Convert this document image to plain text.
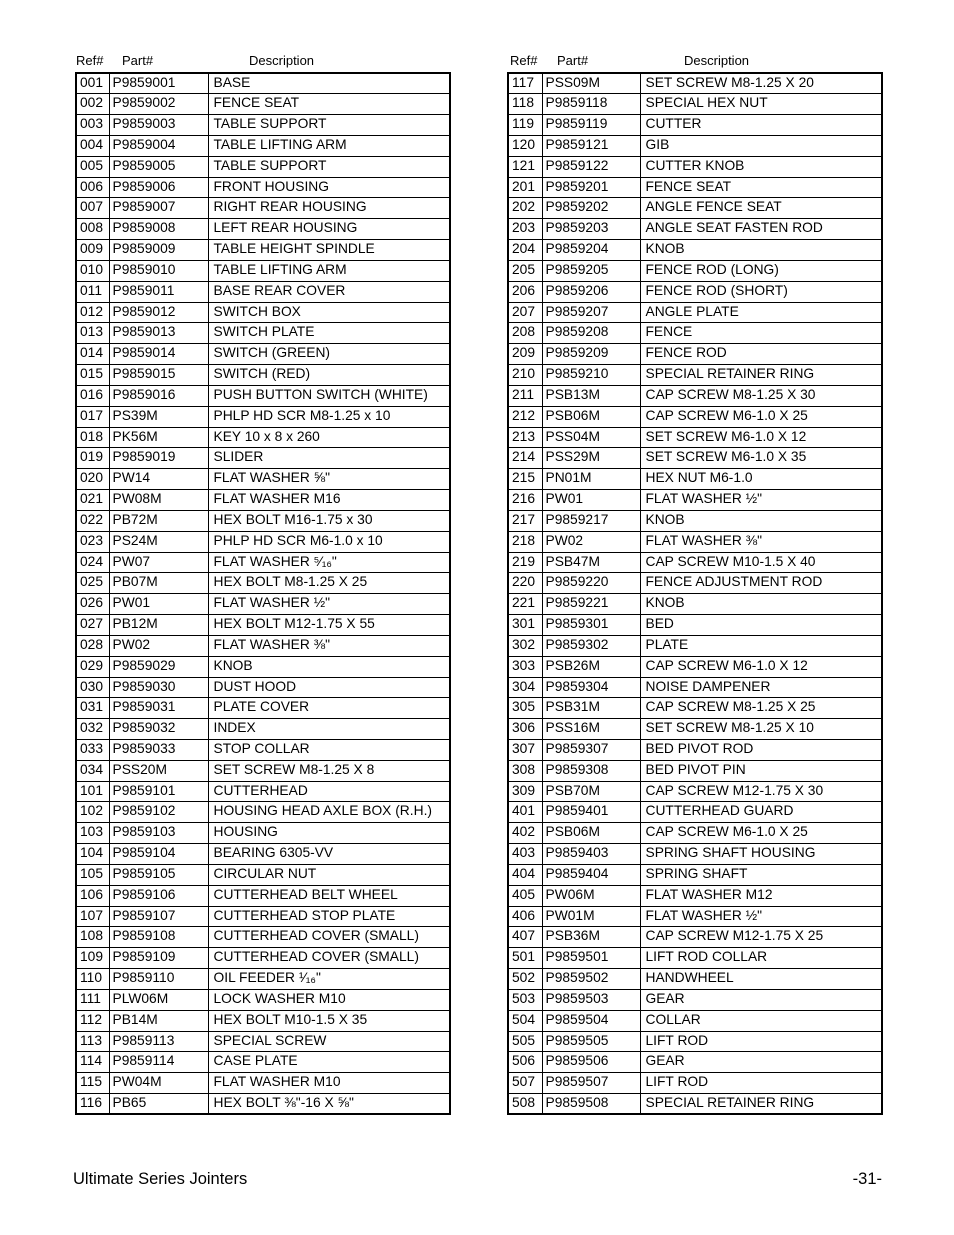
Ref# Part#	Description
001	P9859001	BASE
002	P9859002	FENCE SEAT
003	P9859003	TABLE SUPPORT
004	P9859004	TABLE LIFTING ARM
005	P9859005	TABLE SUPPORT
006	P9859006	FRONT HOUSING
007	P9859007	RIGHT REAR HOUSING
008	P9859008	LEFT REAR HOUSING
009	P9859009	TABLE HEIGHT SPINDLE
010	P9859010	TABLE LIFTING ARM
011	P9859011	BASE REAR COVER
012	P9859012	SWITCH BOX
013	P9859013	SWITCH PLATE
014	P9859014	SWITCH (GREEN)
015	P9859015	SWITCH (RED)
016	P9859016	PUSH BUTTON SWITCH (WHITE)
017	PS39M	PHLP HD SCR M8-1.25 x 10
018	PK56M	KEY 10 x 8 x 260
019	P9859019	SLIDER
020	PW14	FLAT WASHER ⅝"
021	PW08M	FLAT WASHER M16
022	PB72M	HEX BOLT M16-1.75 x 30
023	PS24M	PHLP HD SCR M6-1.0 x 10
024	PW07	FLAT WASHER ⁵⁄₁₆"
025	PB07M	HEX BOLT M8-1.25 X 25
026	PW01	FLAT WASHER ½"
027	PB12M	HEX BOLT M12-1.75 X 55
028	PW02	FLAT WASHER ⅜"
029	P9859029	KNOB
030	P9859030	DUST HOOD
031	P9859031	PLATE COVER
032	P9859032	INDEX
033	P9859033	STOP COLLAR
034	PSS20M	SET SCREW M8-1.25 X 8
101	P9859101	CUTTERHEAD
102	P9859102	HOUSING HEAD AXLE BOX (R.H.)
103	P9859103	HOUSING
104	P9859104	BEARING 6305-VV
105	P9859105	CIRCULAR NUT
106	P9859106	CUTTERHEAD BELT WHEEL
107	P9859107	CUTTERHEAD STOP PLATE
108	P9859108	CUTTERHEAD COVER (SMALL)
109	P9859109	CUTTERHEAD COVER (SMALL)
110	P9859110	OIL FEEDER ¹⁄₁₆"
111	PLW06M	LOCK WASHER M10
112	PB14M	HEX BOLT M10-1.5 X 35
113	P9859113	SPECIAL SCREW
114	P9859114	CASE PLATE
115	PW04M	FLAT WASHER M10
116	PB65	HEX BOLT ⅜"-16 X ⅝"
Ref# Part#	Description
117	PSS09M	SET SCREW M8-1.25 X 20
118	P9859118	SPECIAL HEX NUT
119	P9859119	CUTTER
120	P9859121	GIB
121	P9859122	CUTTER KNOB
201	P9859201	FENCE SEAT
202	P9859202	ANGLE FENCE SEAT
203	P9859203	ANGLE SEAT FASTEN ROD
204	P9859204	KNOB
205	P9859205	FENCE ROD (LONG)
206	P9859206	FENCE ROD (SHORT)
207	P9859207	ANGLE PLATE
208	P9859208	FENCE
209	P9859209	FENCE ROD
210	P9859210	SPECIAL RETAINER RING
211	PSB13M	CAP SCREW M8-1.25 X 30
212	PSB06M	CAP SCREW M6-1.0 X 25
213	PSS04M	SET SCREW M6-1.0 X 12
214	PSS29M	SET SCREW M6-1.0 X 35
215	PN01M	HEX NUT M6-1.0
216	PW01	FLAT WASHER ½"
217	P9859217	KNOB
218	PW02	FLAT WASHER ⅜"
219	PSB47M	CAP SCREW M10-1.5 X 40
220	P9859220	FENCE ADJUSTMENT ROD
221	P9859221	KNOB
301	P9859301	BED
302	P9859302	PLATE
303	PSB26M	CAP SCREW M6-1.0 X 12
304	P9859304	NOISE DAMPENER
305	PSB31M	CAP SCREW M8-1.25 X 25
306	PSS16M	SET SCREW M8-1.25 X 10
307	P9859307	BED PIVOT ROD
308	P9859308	BED PIVOT PIN
309	PSB70M	CAP SCREW M12-1.75 X 30
401	P9859401	CUTTERHEAD GUARD
402	PSB06M	CAP SCREW M6-1.0 X 25
403	P9859403	SPRING SHAFT HOUSING
404	P9859404	SPRING SHAFT
405	PW06M	FLAT WASHER M12
406	PW01M	FLAT WASHER ½"
407	PSB36M	CAP SCREW M12-1.75 X 25
501	P9859501	LIFT ROD COLLAR
502	P9859502	HANDWHEEL
503	P9859503	GEAR
504	P9859504	COLLAR
505	P9859505	LIFT ROD
506	P9859506	GEAR
507	P9859507	LIFT ROD
508	P9859508	SPECIAL RETAINER RING
Ultimate Series Jointers	-31-
